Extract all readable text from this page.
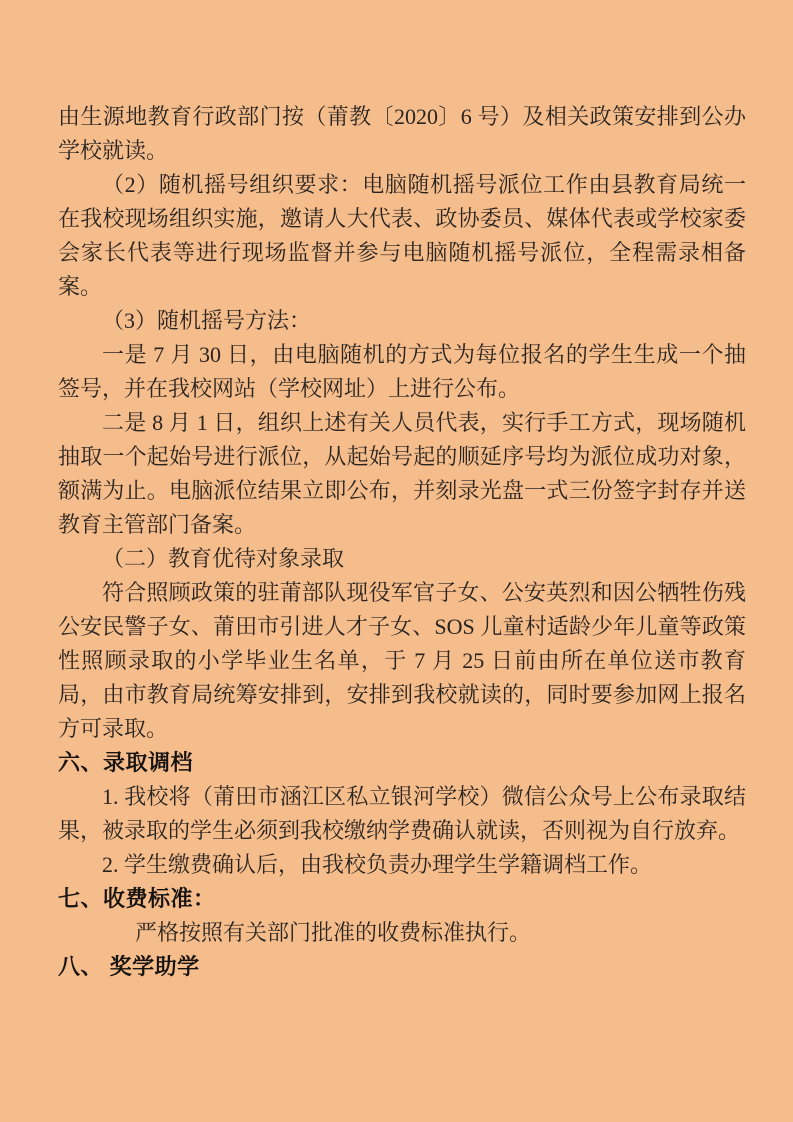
由生源地教育行政部门按（莆教〔2020〕6 号）及相关政策安排到公办学校就读。

（2）随机摇号组织要求：电脑随机摇号派位工作由县教育局统一在我校现场组织实施，邀请人大代表、政协委员、媒体代表或学校家委会家长代表等进行现场监督并参与电脑随机摇号派位，全程需录相备案。

（3）随机摇号方法：

一是 7 月 30 日，由电脑随机的方式为每位报名的学生生成一个抽签号，并在我校网站（学校网址）上进行公布。

二是 8 月 1 日，组织上述有关人员代表，实行手工方式，现场随机抽取一个起始号进行派位，从起始号起的顺延序号均为派位成功对象，额满为止。电脑派位结果立即公布，并刻录光盘一式三份签字封存并送教育主管部门备案。

（二）教育优待对象录取

符合照顾政策的驻莆部队现役军官子女、公安英烈和因公牺牲伤残公安民警子女、莆田市引进人才子女、SOS 儿童村适龄少年儿童等政策性照顾录取的小学毕业生名单，于 7 月 25 日前由所在单位送市教育局，由市教育局统筹安排到，安排到我校就读的，同时要参加网上报名方可录取。

六、录取调档

1. 我校将（莆田市涵江区私立银河学校）微信公众号上公布录取结果，被录取的学生必须到我校缴纳学费确认就读，否则视为自行放弃。

2. 学生缴费确认后，由我校负责办理学生学籍调档工作。

七、收费标准：

严格按照有关部门批准的收费标准执行。

八、 奖学助学
